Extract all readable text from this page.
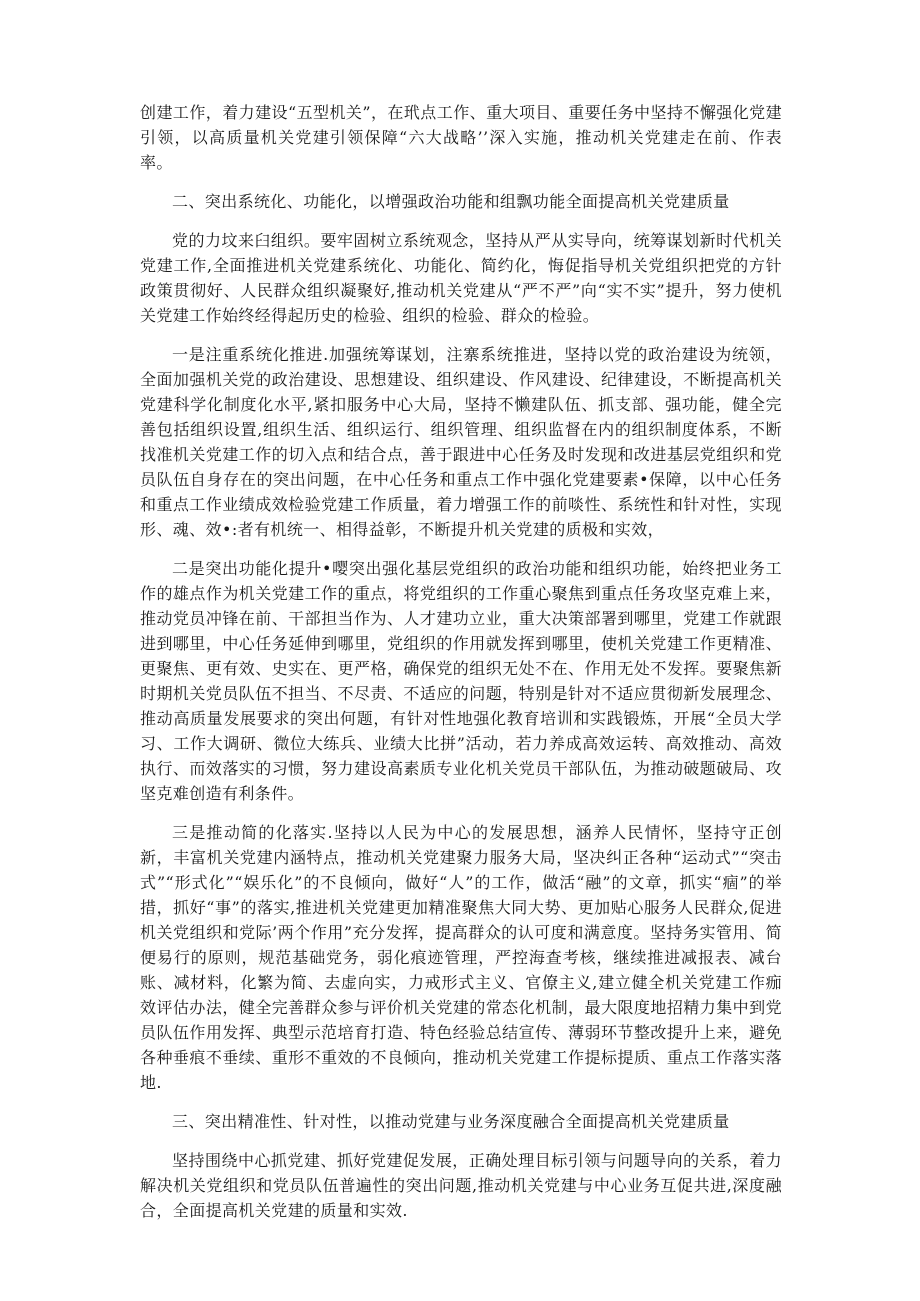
创建工作，着力建设“五型机关”，在玳点工作、重大项目、重要任务中坚持不懈强化党建引领，以高质量机关党建引领保障“六大战略’’深入实施，推动机关党建走在前、作表率。

二、突出系统化、功能化，以增强政治功能和组飘功能全面提高机关党建质量

党的力坟来臼组织。要牢固树立系统观念，坚持从严从实导向，统筹谋划新时代机关党建工作,全面推进机关党建系统化、功能化、简约化，悔促指导机关党组织把党的方针政策贯彻好、人民群众组织凝聚好,推动机关党建从“严不严”向“实不实”提升，努力使机关党建工作始终经得起历史的检验、组织的检验、群众的检验。

一是注重系统化推进.加强统筹谋划，注寨系统推进，坚持以党的政治建设为统领，全面加强机关党的政治建设、思想建设、组织建设、作风建设、纪律建设，不断提高机关党建科学化制度化水平,紧扣服务中心大局，坚持不懒建队伍、抓支部、强功能，健全完善包括组织设置,组织生活、组织运行、组织管理、组织监督在内的组织制度体系，不断找准机关党建工作的切入点和结合点，善于跟进中心任务及时发现和改进基层党组织和党员队伍自身存在的突出问题，在中心任务和重点工作中强化党建要素•保障，以中心任务和重点工作业绩成效检验党建工作质量，着力增强工作的前啖性、系统性和针对性，实现形、魂、效•:者有机统一、相得益彰，不断提升机关党建的质极和实效，

二是突出功能化提升•嘤突出强化基层党组织的政治功能和组织功能，始终把业务工作的雄点作为机关党建工作的重点，将党组织的工作重心聚焦到重点任务攻坚克难上来，推动党员冲锋在前、干部担当作为、人才建功立业，重大决策部署到哪里，党建工作就跟进到哪里，中心任务延伸到哪里，党组织的作用就发挥到哪里，使机关党建工作更精准、更聚焦、更有效、史实在、更严格，确保党的组织无处不在、作用无处不发挥。要聚焦新时期机关党员队伍不担当、不尽责、不适应的问题，特别是针对不适应贯彻新发展理念、推动高质量发展要求的突出何题，有针对性地强化教育培训和实践锻炼，开展“全员大学习、工作大调研、微位大练兵、业绩大比拼”活动，若力养成高效运转、高效推动、高效执行、而效落实的习惯，努力建设高素质专业化机关党员干部队伍，为推动破题破局、攻坚克难创造有利条件。

三是推动简的化落实.坚持以人民为中心的发展思想，涵养人民情怀，坚持守正创新，丰富机关党建内涵特点，推动机关党建聚力服务大局，坚决纠正各种“运动式”“突击式”“形式化”“娱乐化”的不良倾向，做好“人”的工作，做活“融”的文章，抓实“痼”的举措，抓好“事”的落实,推进机关党建更加精准聚焦大同大势、更加贴心服务人民群众,促进机关党组织和党际’两个作用”充分发挥，提高群众的认可度和满意度。坚持务实管用、简便易行的原则，规范基础党务，弱化痕迹管理，严控海查考核，继续推进减报表、减台账、减材料，化繁为简、去虚向实，力戒形式主义、官僚主义,建立健全机关党建工作痂效评估办法，健全完善群众参与评价机关党建的常态化机制，最大限度地招精力集中到党员队伍作用发挥、典型示范培育打造、特色经验总结宣传、薄弱环节整改提升上来，避免各种垂痕不垂续、重形不重效的不良倾向，推动机关党建工作提标提质、重点工作落实落地.

三、突出精准性、针对性，以推动党建与业务深度融合全面提高机关党建质量

坚持围绕中心抓党建、抓好党建促发展，正确处理目标引领与问题导向的关系，着力解决机关党组织和党员队伍普遍性的突出问题,推动机关党建与中心业务互促共进,深度融合，全面提高机关党建的质量和实效.
